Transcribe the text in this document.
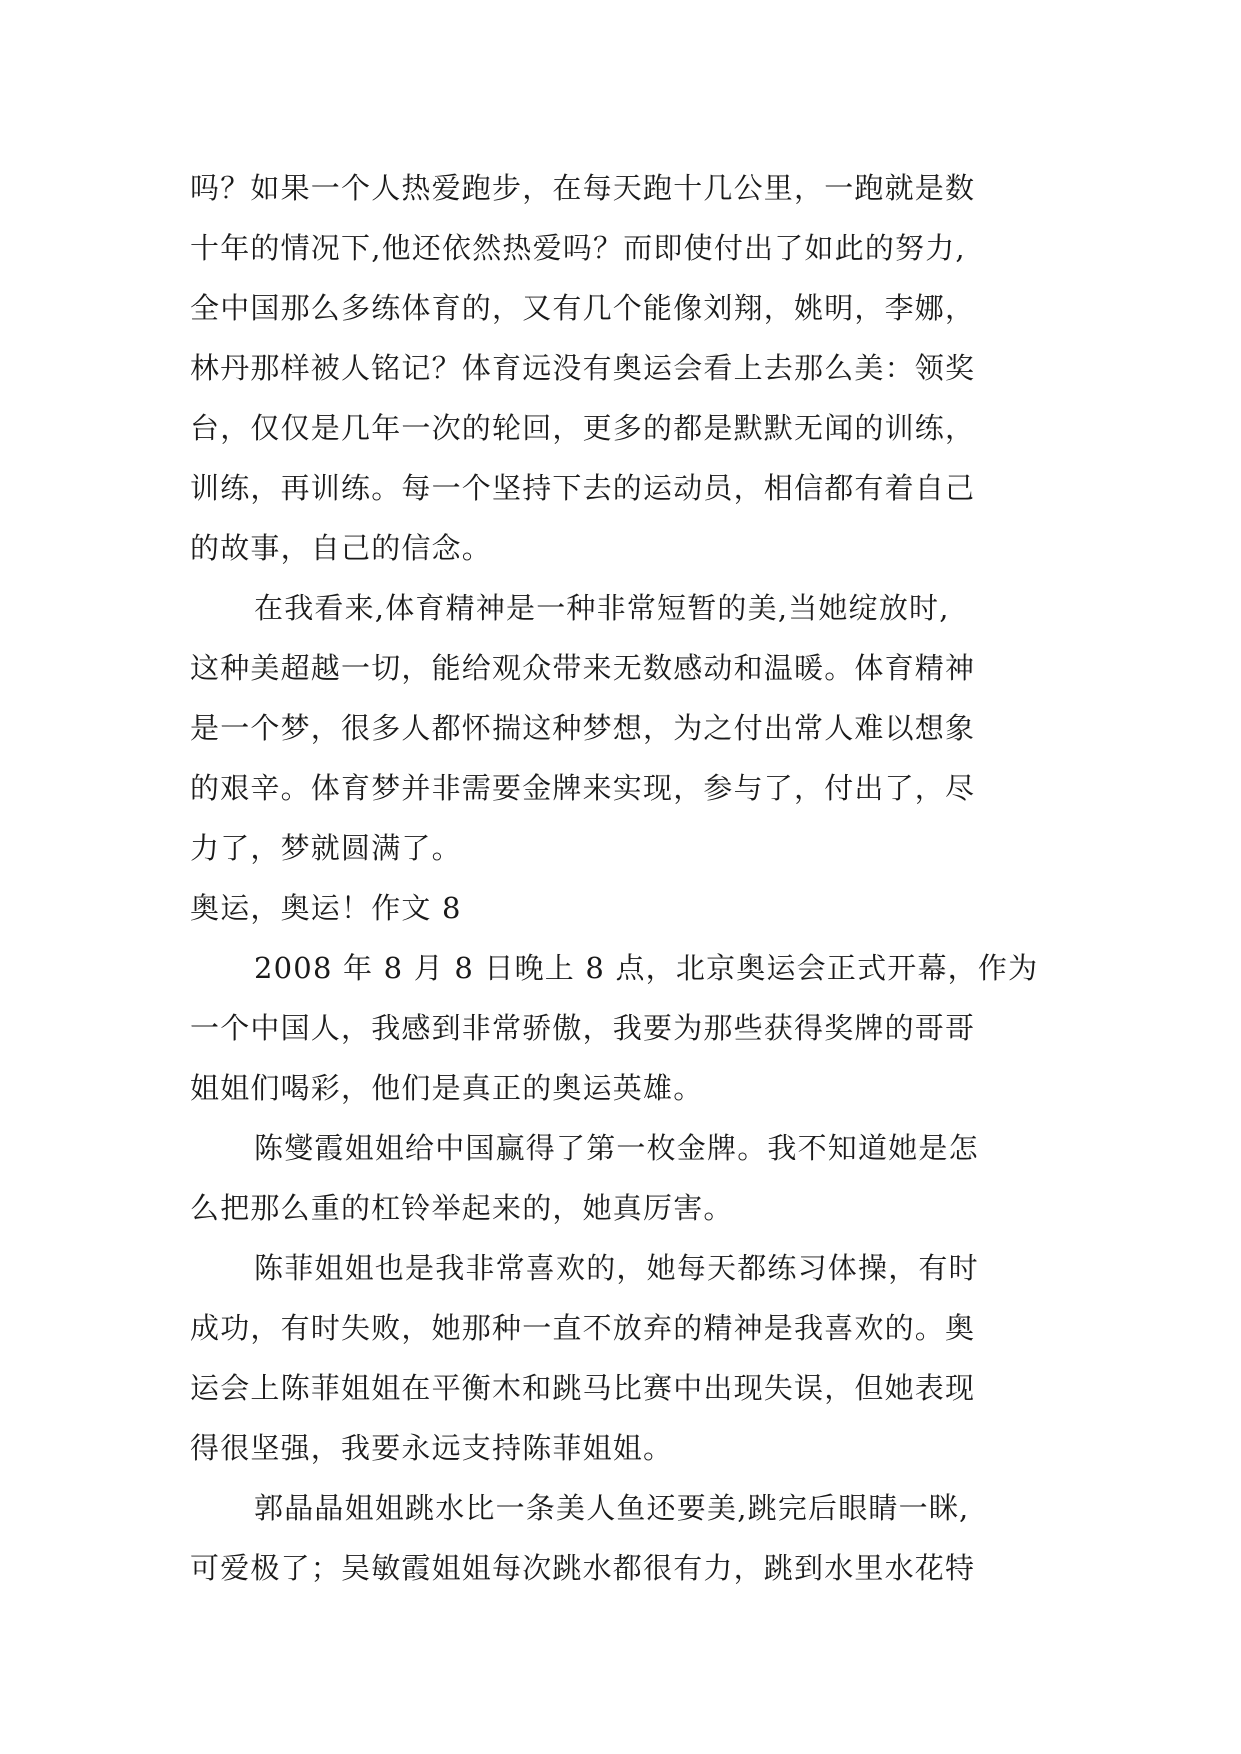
吗？如果一个人热爱跑步，在每天跑十几公里，一跑就是数
十年的情况下,他还依然热爱吗？而即使付出了如此的努力,
全中国那么多练体育的，又有几个能像刘翔，姚明，李娜，
林丹那样被人铭记？体育远没有奥运会看上去那么美：领奖
台，仅仅是几年一次的轮回，更多的都是默默无闻的训练，
训练，再训练。每一个坚持下去的运动员，相信都有着自己
的故事，自己的信念。
在我看来,体育精神是一种非常短暂的美,当她绽放时,
这种美超越一切，能给观众带来无数感动和温暖。体育精神
是一个梦，很多人都怀揣这种梦想，为之付出常人难以想象
的艰辛。体育梦并非需要金牌来实现，参与了，付出了，尽
力了，梦就圆满了。
奥运，奥运！作文 8
2008 年 8 月 8 日晚上 8 点，北京奥运会正式开幕，作为
一个中国人，我感到非常骄傲，我要为那些获得奖牌的哥哥
姐姐们喝彩，他们是真正的奥运英雄。
陈燮霞姐姐给中国赢得了第一枚金牌。我不知道她是怎
么把那么重的杠铃举起来的，她真厉害。
陈菲姐姐也是我非常喜欢的，她每天都练习体操，有时
成功，有时失败，她那种一直不放弃的精神是我喜欢的。奥
运会上陈菲姐姐在平衡木和跳马比赛中出现失误，但她表现
得很坚强，我要永远支持陈菲姐姐。
郭晶晶姐姐跳水比一条美人鱼还要美,跳完后眼睛一眯,
可爱极了；吴敏霞姐姐每次跳水都很有力，跳到水里水花特
